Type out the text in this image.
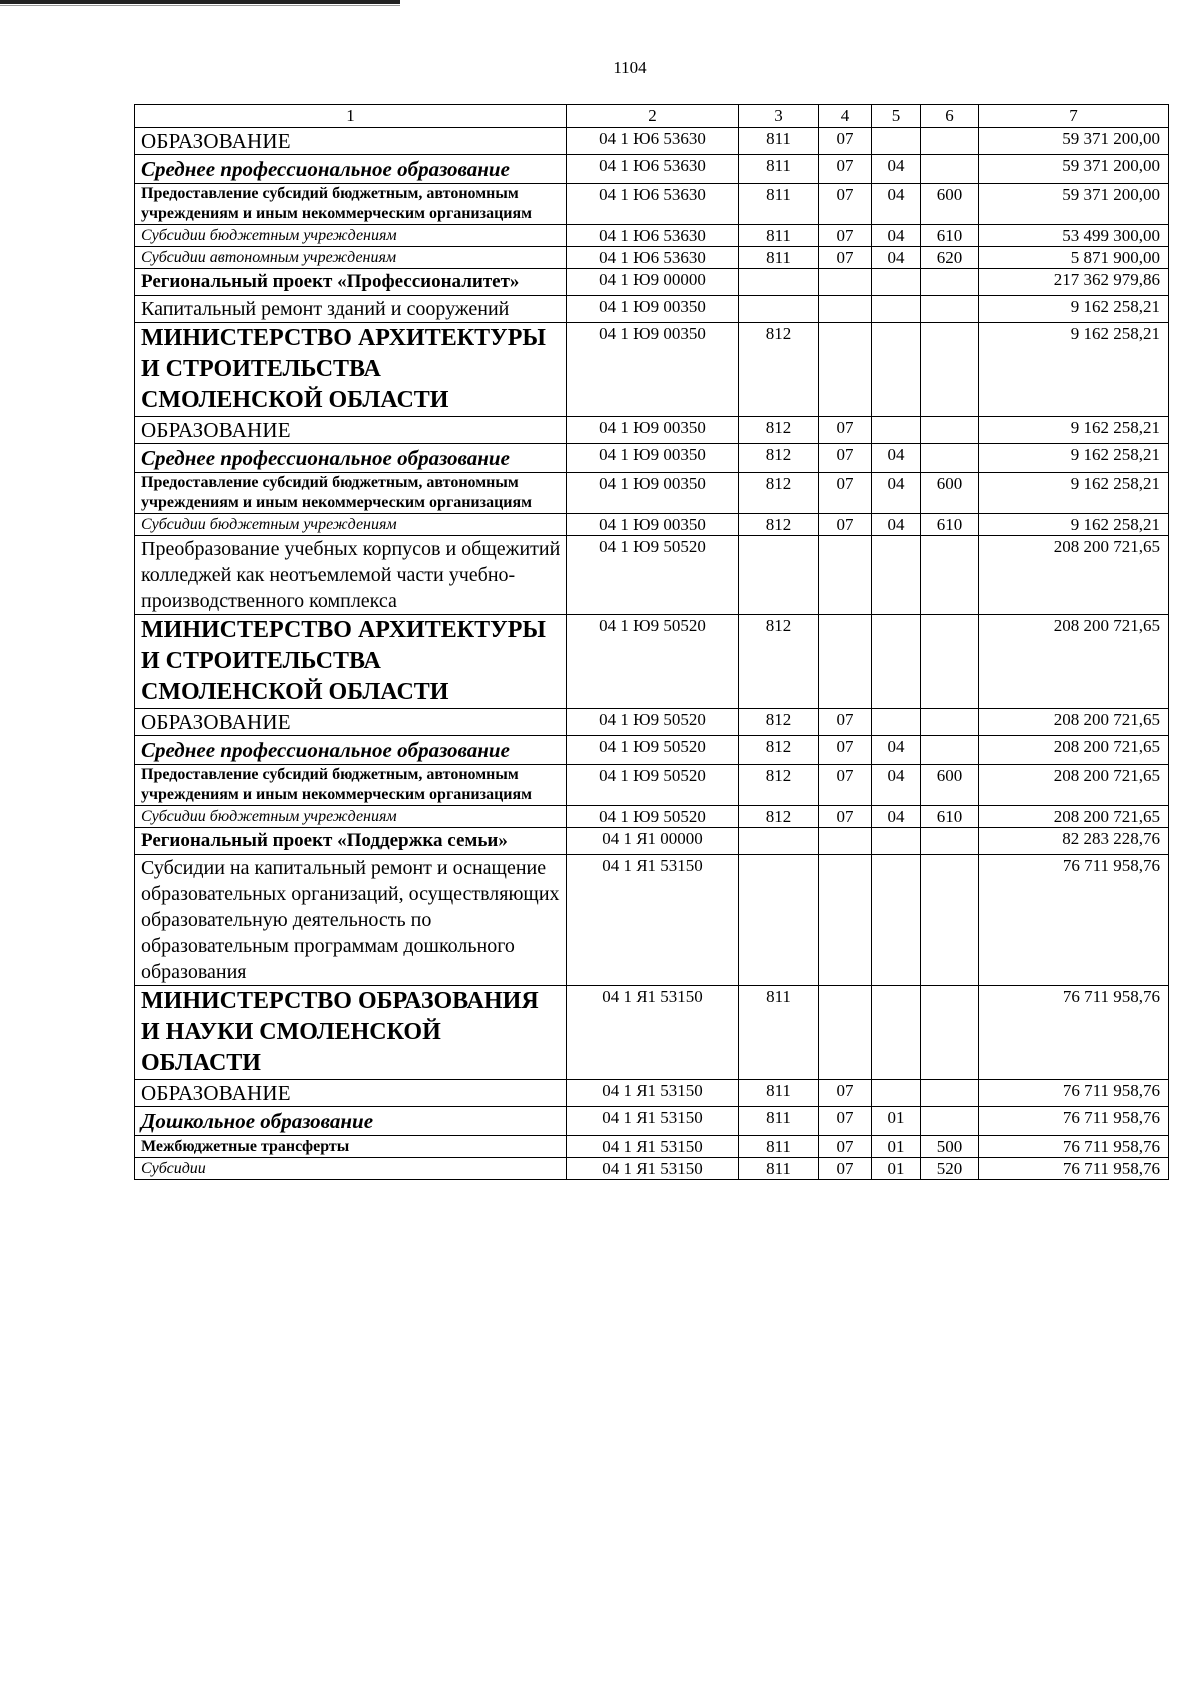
1104
1	2	3	4	5	6	7
ОБРАЗОВАНИЕ	04 1 Ю6 53630	811	07			59 371 200,00
Среднее профессиональное образование	04 1 Ю6 53630	811	07	04		59 371 200,00
Предоставление субсидий бюджетным, автономным учреждениям и иным некоммерческим организациям	04 1 Ю6 53630	811	07	04	600	59 371 200,00
Субсидии бюджетным учреждениям	04 1 Ю6 53630	811	07	04	610	53 499 300,00
Субсидии автономным учреждениям	04 1 Ю6 53630	811	07	04	620	5 871 900,00
Региональный проект «Профессионалитет»	04 1 Ю9 00000					217 362 979,86
Капитальный ремонт зданий и сооружений	04 1 Ю9 00350					9 162 258,21
МИНИСТЕРСТВО АРХИТЕКТУРЫ И СТРОИТЕЛЬСТВА СМОЛЕНСКОЙ ОБЛАСТИ	04 1 Ю9 00350	812				9 162 258,21
ОБРАЗОВАНИЕ	04 1 Ю9 00350	812	07			9 162 258,21
Среднее профессиональное образование	04 1 Ю9 00350	812	07	04		9 162 258,21
Предоставление субсидий бюджетным, автономным учреждениям и иным некоммерческим организациям	04 1 Ю9 00350	812	07	04	600	9 162 258,21
Субсидии бюджетным учреждениям	04 1 Ю9 00350	812	07	04	610	9 162 258,21
Преобразование учебных корпусов и общежитий колледжей как неотъемлемой части учебно-производственного комплекса	04 1 Ю9 50520					208 200 721,65
МИНИСТЕРСТВО АРХИТЕКТУРЫ И СТРОИТЕЛЬСТВА СМОЛЕНСКОЙ ОБЛАСТИ	04 1 Ю9 50520	812				208 200 721,65
ОБРАЗОВАНИЕ	04 1 Ю9 50520	812	07			208 200 721,65
Среднее профессиональное образование	04 1 Ю9 50520	812	07	04		208 200 721,65
Предоставление субсидий бюджетным, автономным учреждениям и иным некоммерческим организациям	04 1 Ю9 50520	812	07	04	600	208 200 721,65
Субсидии бюджетным учреждениям	04 1 Ю9 50520	812	07	04	610	208 200 721,65
Региональный проект «Поддержка семьи»	04 1 Я1 00000					82 283 228,76
Субсидии на капитальный ремонт и оснащение образовательных организаций, осуществляющих образовательную деятельность по образовательным программам дошкольного образования	04 1 Я1 53150					76 711 958,76
МИНИСТЕРСТВО ОБРАЗОВАНИЯ И НАУКИ СМОЛЕНСКОЙ ОБЛАСТИ	04 1 Я1 53150	811				76 711 958,76
ОБРАЗОВАНИЕ	04 1 Я1 53150	811	07			76 711 958,76
Дошкольное образование	04 1 Я1 53150	811	07	01		76 711 958,76
Межбюджетные трансферты	04 1 Я1 53150	811	07	01	500	76 711 958,76
Субсидии	04 1 Я1 53150	811	07	01	520	76 711 958,76
